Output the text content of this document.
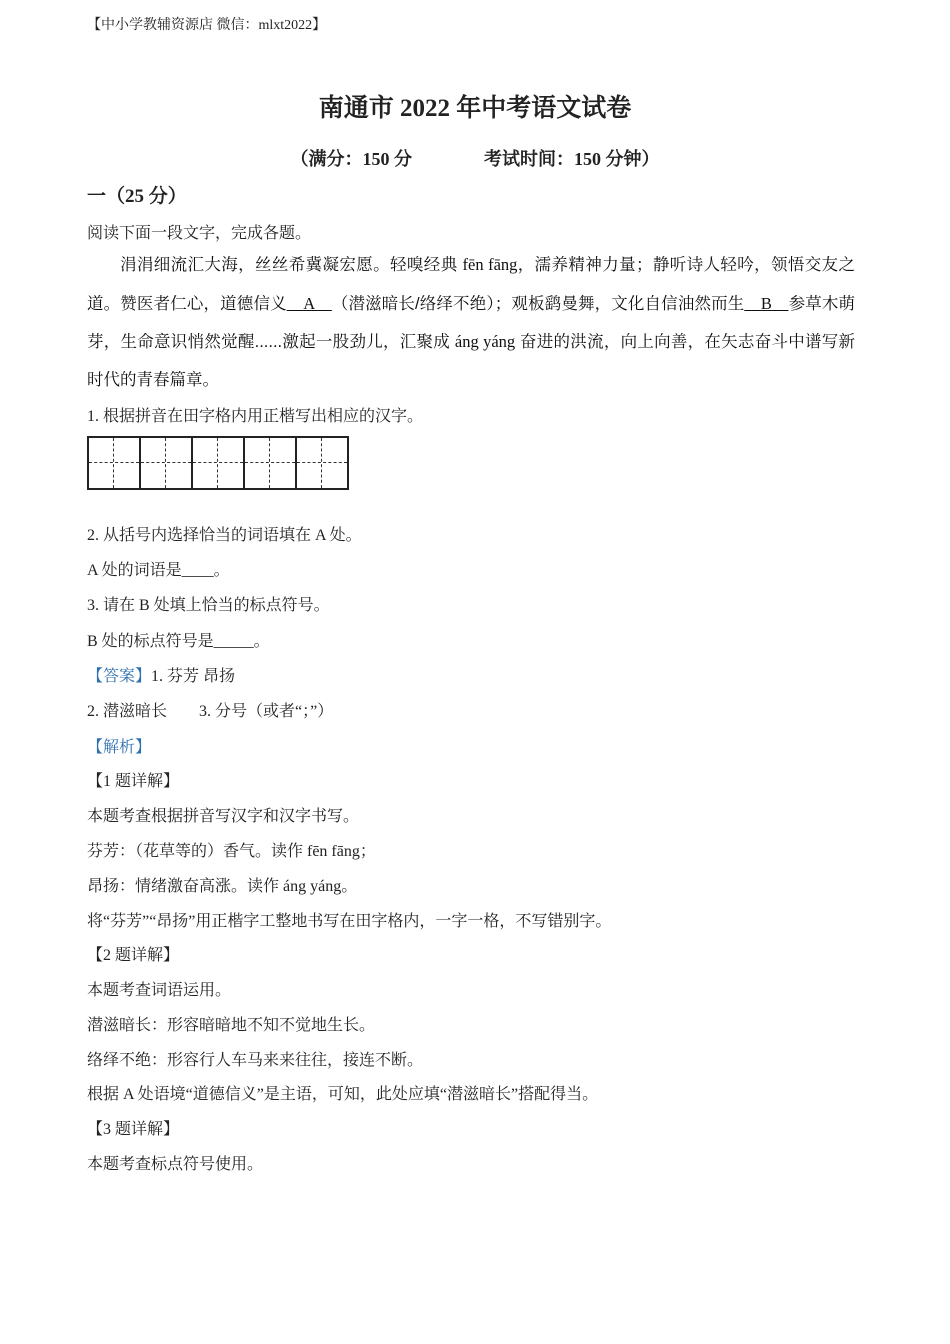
【中小学教辅资源店 微信：mlxt2022】
南通市 2022 年中考语文试卷
（满分：150 分	考试时间：150 分钟）
一（25 分）
阅读下面一段文字，完成各题。
涓涓细流汇大海，丝丝希冀凝宏愿。轻嗅经典 fēn fāng，濡养精神力量；静听诗人轻吟，领悟交友之道。赞医者仁心，道德信义__A__（潜滋暗长/络绎不绝）；观板鹞曼舞，文化自信油然而生__B__参草木萌芽，生命意识悄然觉醒......激起一股劲儿，汇聚成 áng yáng 奋进的洪流，向上向善，在矢志奋斗中谱写新时代的青春篇章。
1. 根据拼音在田字格内用正楷写出相应的汉字。
2. 从括号内选择恰当的词语填在 A 处。
A 处的词语是____。
3. 请在 B 处填上恰当的标点符号。
B 处的标点符号是_____。
【答案】1. 芬芳 昂扬
2. 潜滋暗长        3. 分号（或者“；”）
【解析】
【1 题详解】
本题考查根据拼音写汉字和汉字书写。
芬芳：（花草等的）香气。读作 fēn fāng；
昂扬：情绪激奋高涨。读作 áng yáng。
将“芬芳”“昂扬”用正楷字工整地书写在田字格内，一字一格，不写错别字。
【2 题详解】
本题考查词语运用。
潜滋暗长：形容暗暗地不知不觉地生长。
络绎不绝：形容行人车马来来往往，接连不断。
根据 A 处语境“道德信义”是主语，可知，此处应填“潜滋暗长”搭配得当。
【3 题详解】
本题考查标点符号使用。
